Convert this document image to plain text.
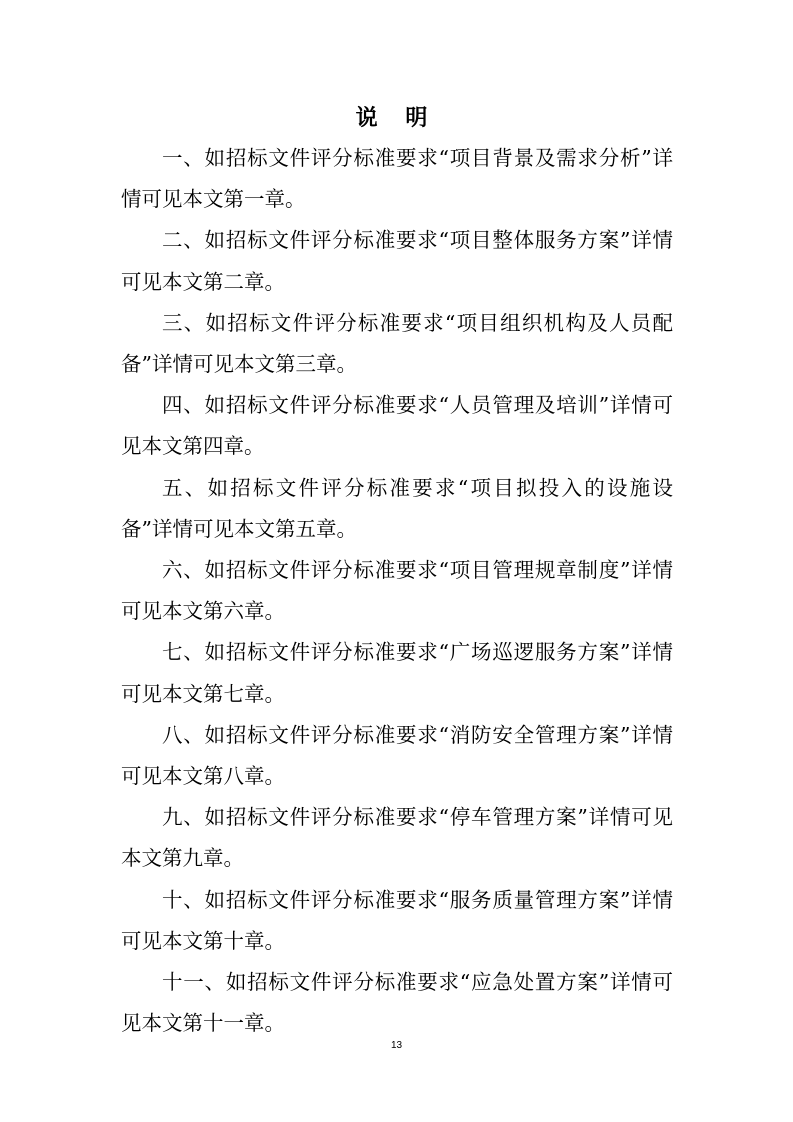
说 明

一、如招标文件评分标准要求“项目背景及需求分析”详情可见本文第一章。

二、如招标文件评分标准要求“项目整体服务方案”详情可见本文第二章。

三、如招标文件评分标准要求“项目组织机构及人员配备”详情可见本文第三章。

四、如招标文件评分标准要求“人员管理及培训”详情可见本文第四章。

五、如招标文件评分标准要求“项目拟投入的设施设备”详情可见本文第五章。

六、如招标文件评分标准要求“项目管理规章制度”详情可见本文第六章。

七、如招标文件评分标准要求“广场巡逻服务方案”详情可见本文第七章。

八、如招标文件评分标准要求“消防安全管理方案”详情可见本文第八章。

九、如招标文件评分标准要求“停车管理方案”详情可见本文第九章。

十、如招标文件评分标准要求“服务质量管理方案”详情可见本文第十章。

十一、如招标文件评分标准要求“应急处置方案”详情可见本文第十一章。

13
